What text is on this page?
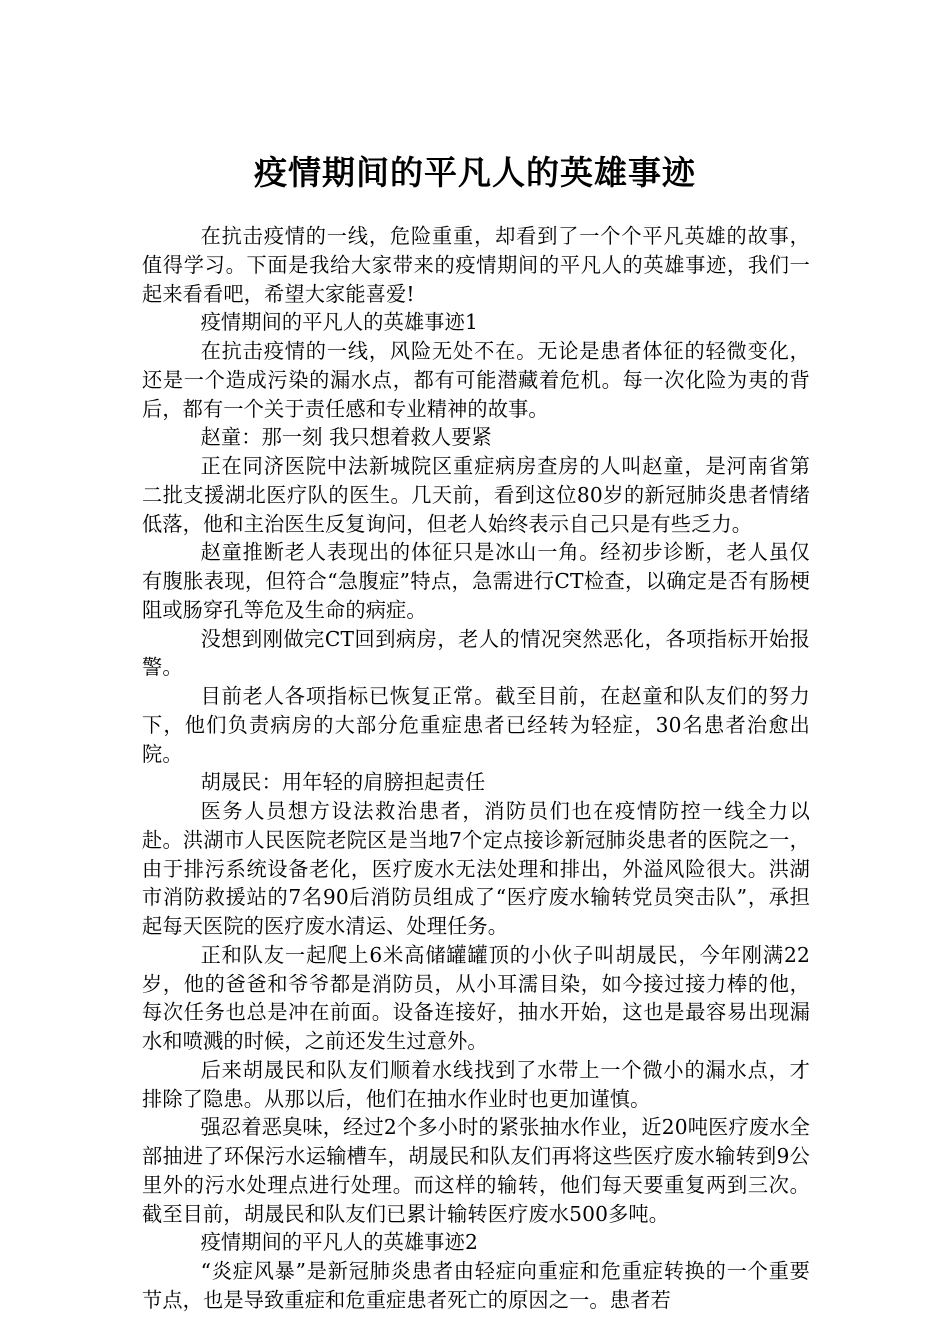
疫情期间的平凡人的英雄事迹

在抗击疫情的一线，危险重重，却看到了一个个平凡英雄的故事，值得学习。下面是我给大家带来的疫情期间的平凡人的英雄事迹，我们一起来看看吧，希望大家能喜爱!

疫情期间的平凡人的英雄事迹1

在抗击疫情的一线，风险无处不在。无论是患者体征的轻微变化，还是一个造成污染的漏水点，都有可能潜藏着危机。每一次化险为夷的背后，都有一个关于责任感和专业精神的故事。

赵童：那一刻 我只想着救人要紧

正在同济医院中法新城院区重症病房查房的人叫赵童，是河南省第二批支援湖北医疗队的医生。几天前，看到这位80岁的新冠肺炎患者情绪低落，他和主治医生反复询问，但老人始终表示自己只是有些乏力。

赵童推断老人表现出的体征只是冰山一角。经初步诊断，老人虽仅有腹胀表现，但符合“急腹症”特点，急需进行CT检查，以确定是否有肠梗阻或肠穿孔等危及生命的病症。

没想到刚做完CT回到病房，老人的情况突然恶化，各项指标开始报警。

目前老人各项指标已恢复正常。截至目前，在赵童和队友们的努力下，他们负责病房的大部分危重症患者已经转为轻症，30名患者治愈出院。

胡晟民：用年轻的肩膀担起责任

医务人员想方设法救治患者，消防员们也在疫情防控一线全力以赴。洪湖市人民医院老院区是当地7个定点接诊新冠肺炎患者的医院之一，由于排污系统设备老化，医疗废水无法处理和排出，外溢风险很大。洪湖市消防救援站的7名90后消防员组成了“医疗废水输转党员突击队”，承担起每天医院的医疗废水清运、处理任务。

正和队友一起爬上6米高储罐罐顶的小伙子叫胡晟民，今年刚满22岁，他的爸爸和爷爷都是消防员，从小耳濡目染，如今接过接力棒的他，每次任务也总是冲在前面。设备连接好，抽水开始，这也是最容易出现漏水和喷溅的时候，之前还发生过意外。

后来胡晟民和队友们顺着水线找到了水带上一个微小的漏水点，才排除了隐患。从那以后，他们在抽水作业时也更加谨慎。

强忍着恶臭味，经过2个多小时的紧张抽水作业，近20吨医疗废水全部抽进了环保污水运输槽车，胡晟民和队友们再将这些医疗废水输转到9公里外的污水处理点进行处理。而这样的输转，他们每天要重复两到三次。截至目前，胡晟民和队友们已累计输转医疗废水500多吨。

疫情期间的平凡人的英雄事迹2

“炎症风暴”是新冠肺炎患者由轻症向重症和危重症转换的一个重要节点，也是导致重症和危重症患者死亡的原因之一。患者若
